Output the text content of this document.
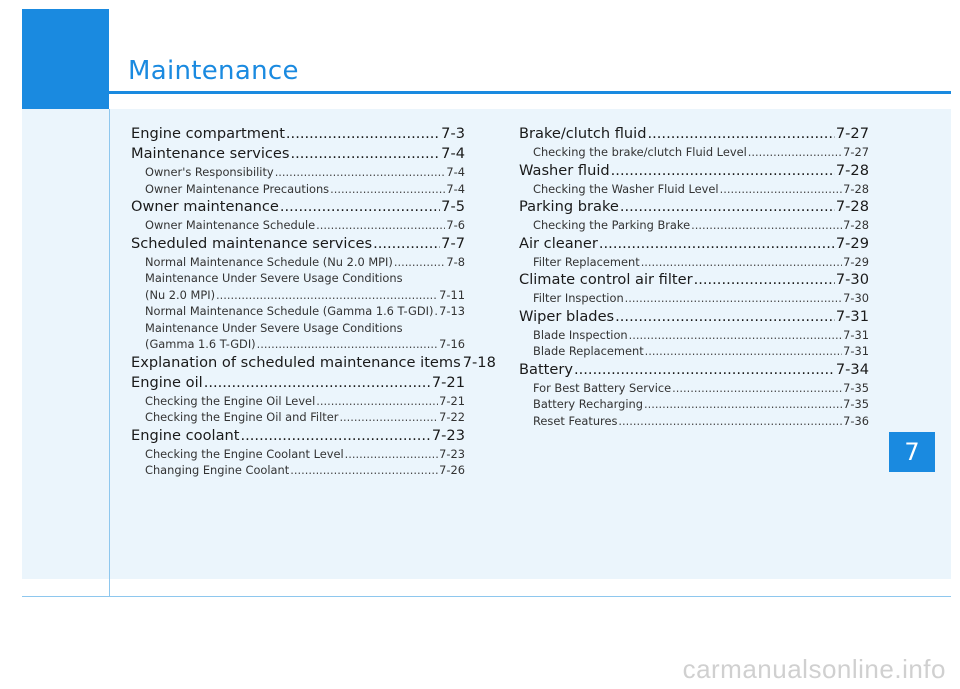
Maintenance
Engine compartment .....	7-3
Maintenance services .....	7-4
Owner's Responsibility .....	7-4
Owner Maintenance Precautions .....	7-4
Owner maintenance .....	7-5
Owner Maintenance Schedule .....	7-6
Scheduled maintenance services .....	7-7
Normal Maintenance Schedule (Nu 2.0 MPI) .....	7-8
Maintenance Under Severe Usage Conditions
(Nu 2.0 MPI) .....	7-11
Normal Maintenance Schedule (Gamma 1.6 T-GDI) ..... 7-13
Maintenance Under Severe Usage Conditions
(Gamma 1.6 T-GDI) .....	7-16
Explanation of scheduled maintenance items 7-18
Engine oil .....	7-21
Checking the Engine Oil Level .....	7-21
Checking the Engine Oil and Filter .....	7-22
Engine coolant .....	7-23
Checking the Engine Coolant Level .....	7-23
Changing Engine Coolant .....	7-26
Brake/clutch fluid .....	7-27
Checking the brake/clutch Fluid Level .....	7-27
Washer fluid .....	7-28
Checking the Washer Fluid Level .....	7-28
Parking brake .....	7-28
Checking the Parking Brake .....	7-28
Air cleaner .....	7-29
Filter Replacement .....	7-29
Climate control air filter .....	7-30
Filter Inspection .....	7-30
Wiper blades .....	7-31
Blade Inspection .....	7-31
Blade Replacement .....	7-31
Battery .....	7-34
For Best Battery Service .....	7-35
Battery Recharging .....	7-35
Reset Features .....	7-36
7
carmanualsonline.info
